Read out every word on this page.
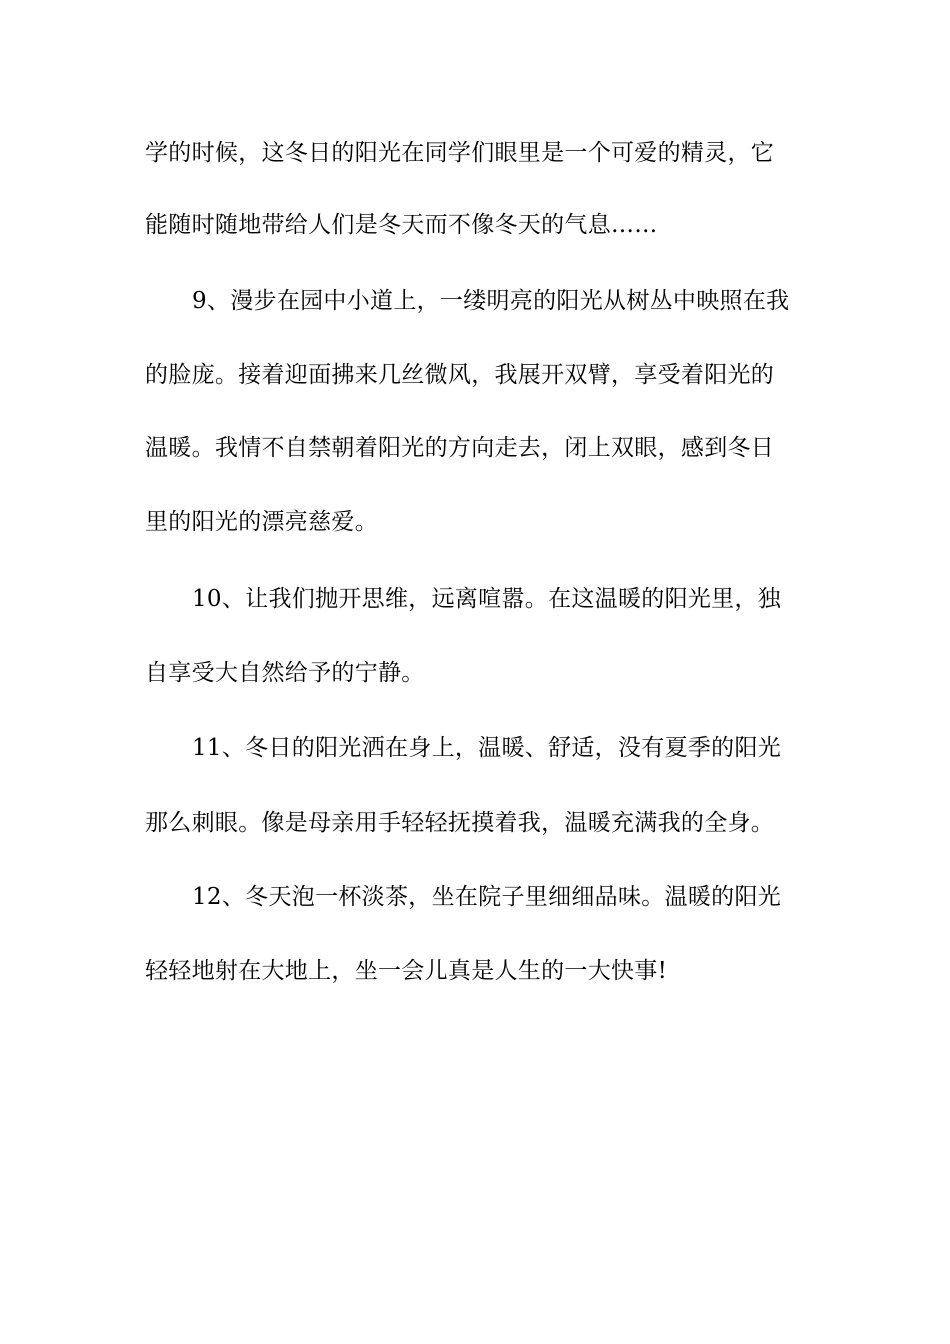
学的时候，这冬日的阳光在同学们眼里是一个可爱的精灵，它
能随时随地带给人们是冬天而不像冬天的气息……
9、漫步在园中小道上，一缕明亮的阳光从树丛中映照在我
的脸庞。接着迎面拂来几丝微风，我展开双臂，享受着阳光的
温暖。我情不自禁朝着阳光的方向走去，闭上双眼，感到冬日
里的阳光的漂亮慈爱。
10、让我们抛开思维，远离喧嚣。在这温暖的阳光里，独
自享受大自然给予的宁静。
11、冬日的阳光洒在身上，温暖、舒适，没有夏季的阳光
那么刺眼。像是母亲用手轻轻抚摸着我，温暖充满我的全身。
12、冬天泡一杯淡茶，坐在院子里细细品味。温暖的阳光
轻轻地射在大地上，坐一会儿真是人生的一大快事!
